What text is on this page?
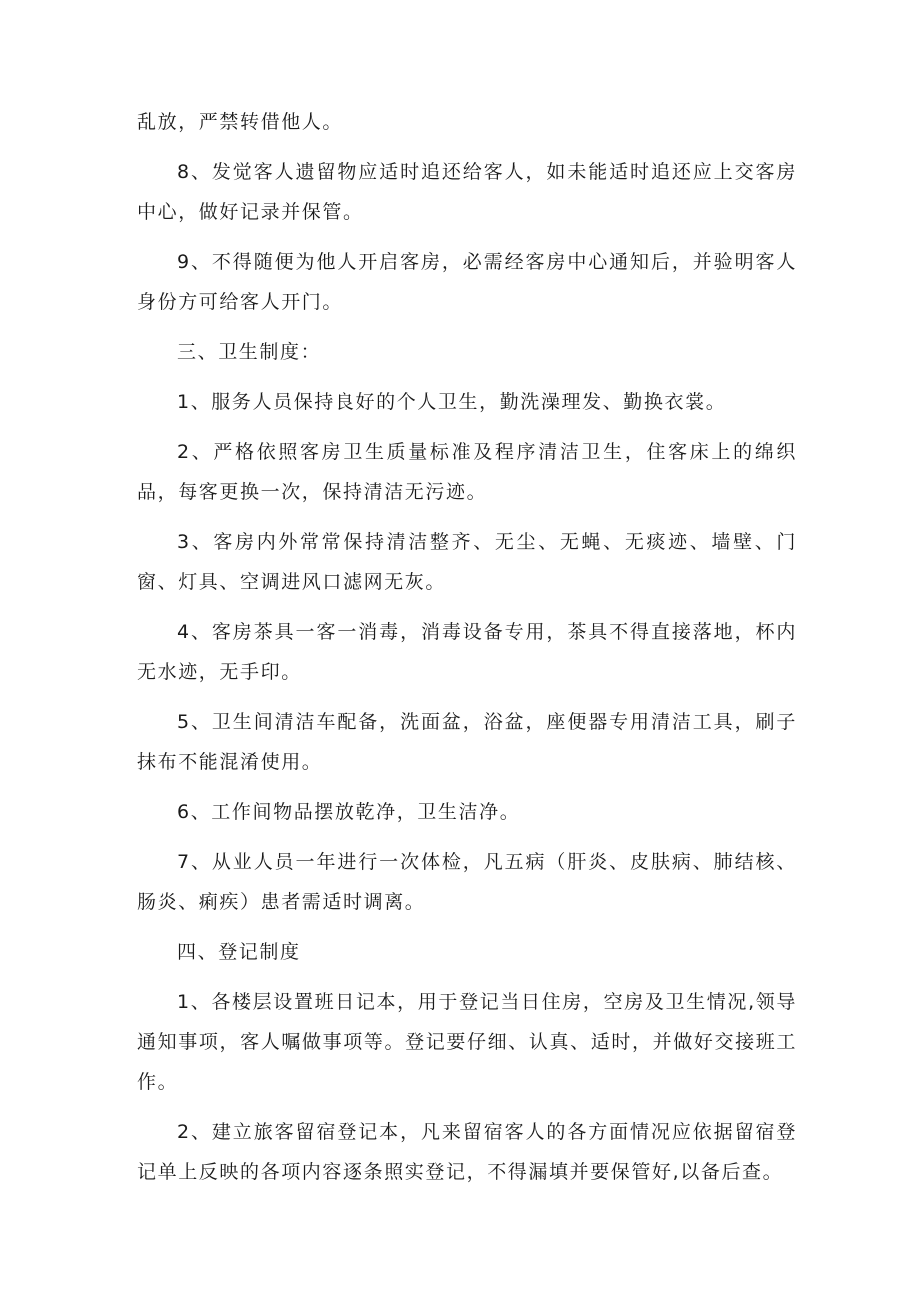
乱放，严禁转借他人。

8、发觉客人遗留物应适时追还给客人，如未能适时追还应上交客房中心，做好记录并保管。

9、不得随便为他人开启客房，必需经客房中心通知后，并验明客人身份方可给客人开门。

三、卫生制度：

1、服务人员保持良好的个人卫生，勤洗澡理发、勤换衣裳。

2、严格依照客房卫生质量标准及程序清洁卫生，住客床上的绵织品，每客更换一次，保持清洁无污迹。

3、客房内外常常保持清洁整齐、无尘、无蝇、无痰迹、墙壁、门窗、灯具、空调进风口滤网无灰。

4、客房茶具一客一消毒，消毒设备专用，茶具不得直接落地，杯内无水迹，无手印。

5、卫生间清洁车配备，洗面盆，浴盆，座便器专用清洁工具，刷子抹布不能混淆使用。

6、工作间物品摆放乾净，卫生洁净。

7、从业人员一年进行一次体检，凡五病（肝炎、皮肤病、肺结核、肠炎、痢疾）患者需适时调离。

四、登记制度

1、各楼层设置班日记本，用于登记当日住房，空房及卫生情况,领导通知事项，客人嘱做事项等。登记要仔细、认真、适时，并做好交接班工作。

2、建立旅客留宿登记本，凡来留宿客人的各方面情况应依据留宿登记单上反映的各项内容逐条照实登记，不得漏填并要保管好,以备后查。
